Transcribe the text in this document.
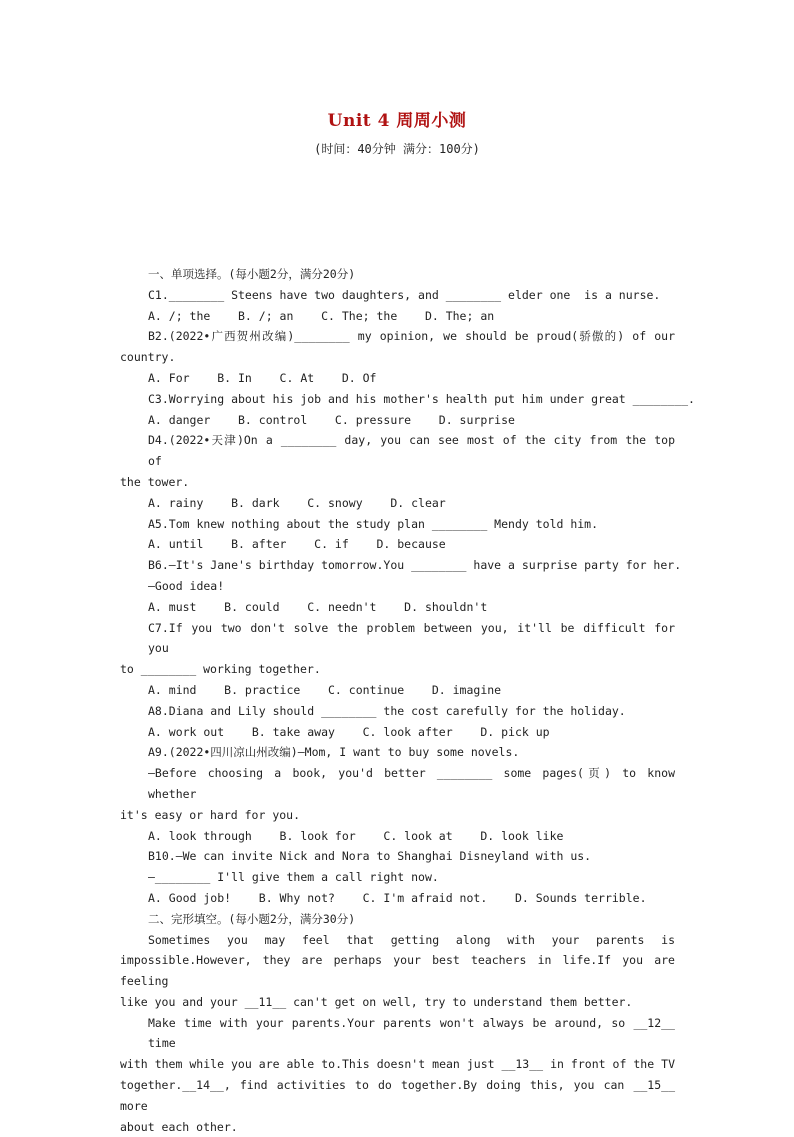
Unit 4 周周小测
(时间：40分钟 满分：100分)
一、单项选择。(每小题2分，满分20分)
C1.________ Steens have two daughters, and ________ elder one  is a nurse.
A. /; the    B. /; an    C. The; the    D. The; an
B2.(2022•广西贺州改编)________ my opinion, we should be proud(骄傲的) of our
country.
A. For    B. In    C. At    D. Of
C3.Worrying about his job and his mother's health put him under great ________.
A. danger    B. control    C. pressure    D. surprise
D4.(2022•天津)On a ________ day, you can see most of the city from the top of
the tower.
A. rainy    B. dark    C. snowy    D. clear
A5.Tom knew nothing about the study plan ________ Mendy told him.
A. until    B. after    C. if    D. because
B6.—It's Jane's birthday tomorrow.You ________ have a surprise party for her.
—Good idea!
A. must    B. could    C. needn't    D. shouldn't
C7.If you two don't solve the problem between you, it'll be difficult for you
to ________ working together.
A. mind    B. practice    C. continue    D. imagine
A8.Diana and Lily should ________ the cost carefully for the holiday.
A. work out    B. take away    C. look after    D. pick up
A9.(2022•四川凉山州改编)—Mom, I want to buy some novels.
—Before choosing a book, you'd better ________ some pages(页) to know whether
it's easy or hard for you.
A. look through    B. look for    C. look at    D. look like
B10.—We can invite Nick and Nora to Shanghai Disneyland with us.
—________ I'll give them a call right now.
A. Good job!    B. Why not?    C. I'm afraid not.    D. Sounds terrible.
二、完形填空。(每小题2分，满分30分)
Sometimes you may feel that getting along with your parents is
impossible.However, they are perhaps your best teachers in life.If you are feeling
like you and your __11__ can't get on well, try to understand them better.
Make time with your parents.Your parents won't always be around, so __12__ time
with them while you are able to.This doesn't mean just __13__ in front of the TV
together.__14__, find activities to do together.By doing this, you can __15__ more
about each other.
